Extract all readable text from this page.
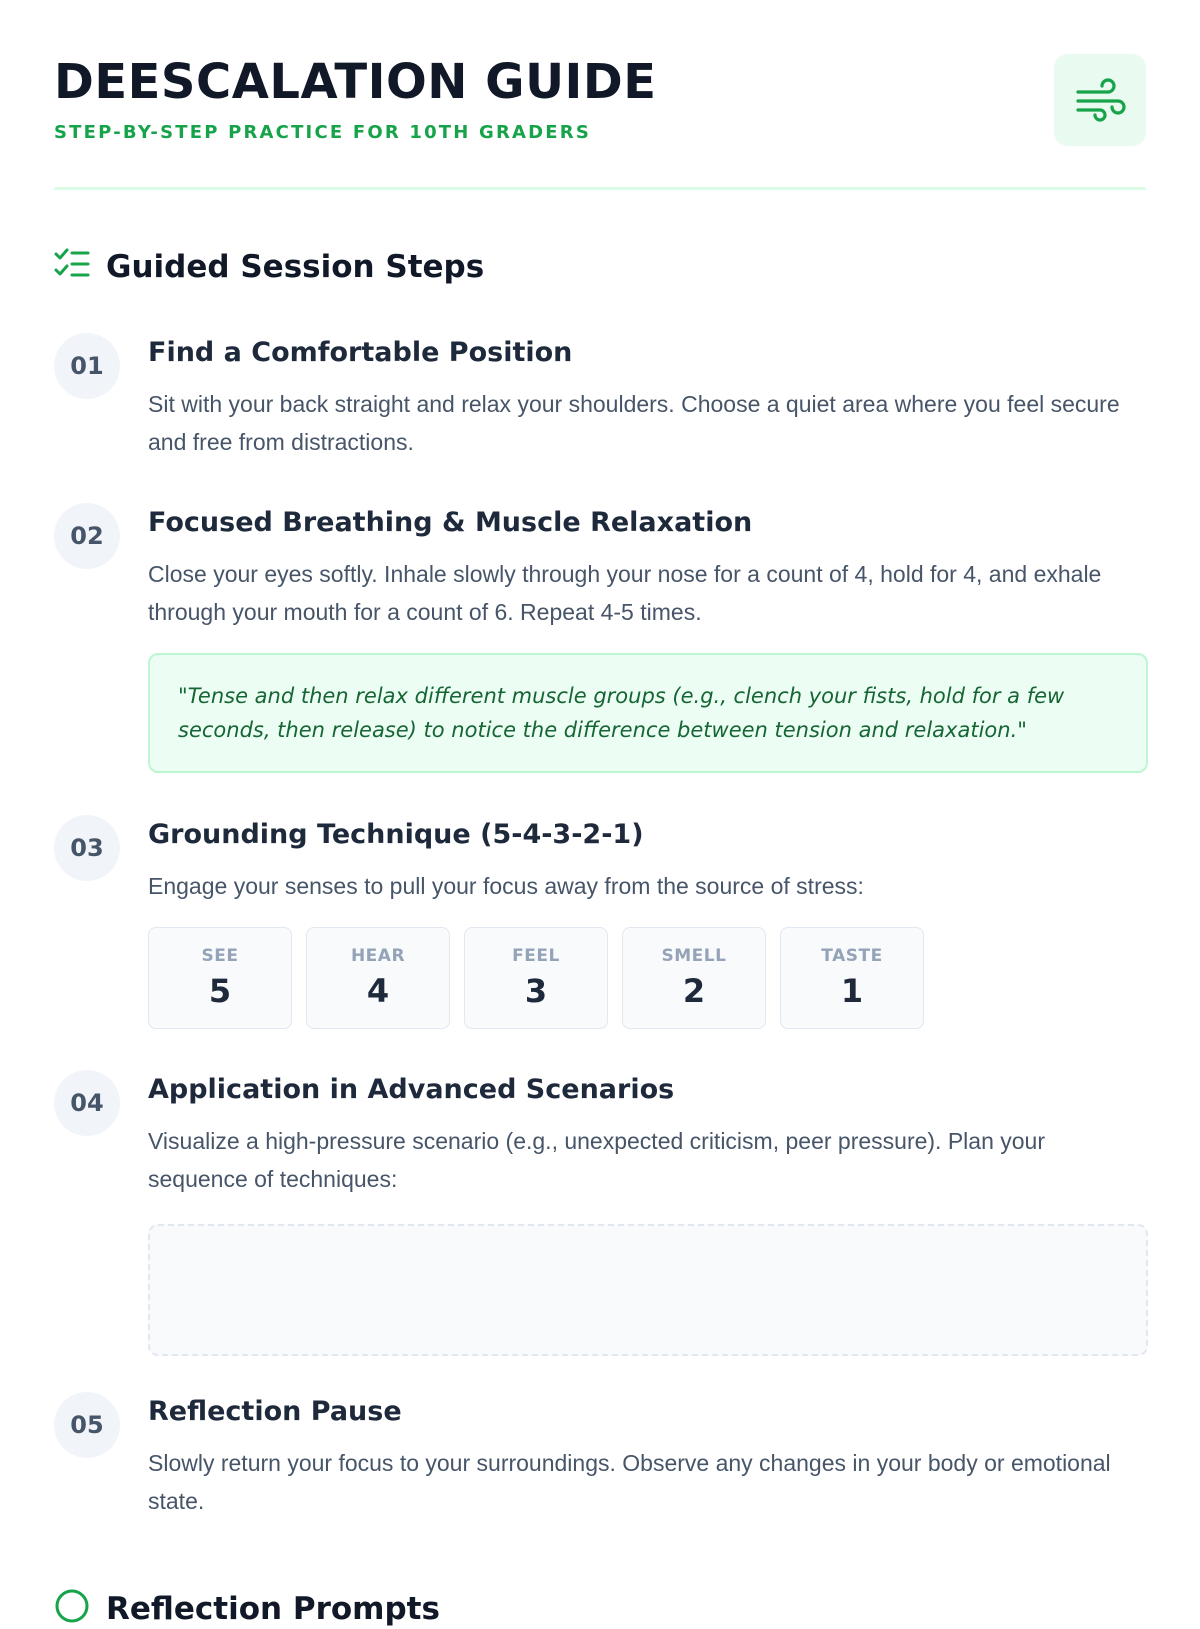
DEESCALATION GUIDE
STEP-BY-STEP PRACTICE FOR 10TH GRADERS
Guided Session Steps
01	Find a Comfortable Position
Sit with your back straight and relax your shoulders. Choose a quiet area where you feel secure and free from distractions.
02	Focused Breathing & Muscle Relaxation
Close your eyes softly. Inhale slowly through your nose for a count of 4, hold for 4, and exhale through your mouth for a count of 6. Repeat 4-5 times.
"Tense and then relax different muscle groups (e.g., clench your fists, hold for a few seconds, then release) to notice the difference between tension and relaxation."
03	Grounding Technique (5-4-3-2-1)
Engage your senses to pull your focus away from the source of stress:
SEE
5
HEAR
4
FEEL
3
SMELL
2
TASTE
1
04	Application in Advanced Scenarios
Visualize a high-pressure scenario (e.g., unexpected criticism, peer pressure). Plan your sequence of techniques:
05	Reflection Pause
Slowly return your focus to your surroundings. Observe any changes in your body or emotional state.
Reflection Prompts
